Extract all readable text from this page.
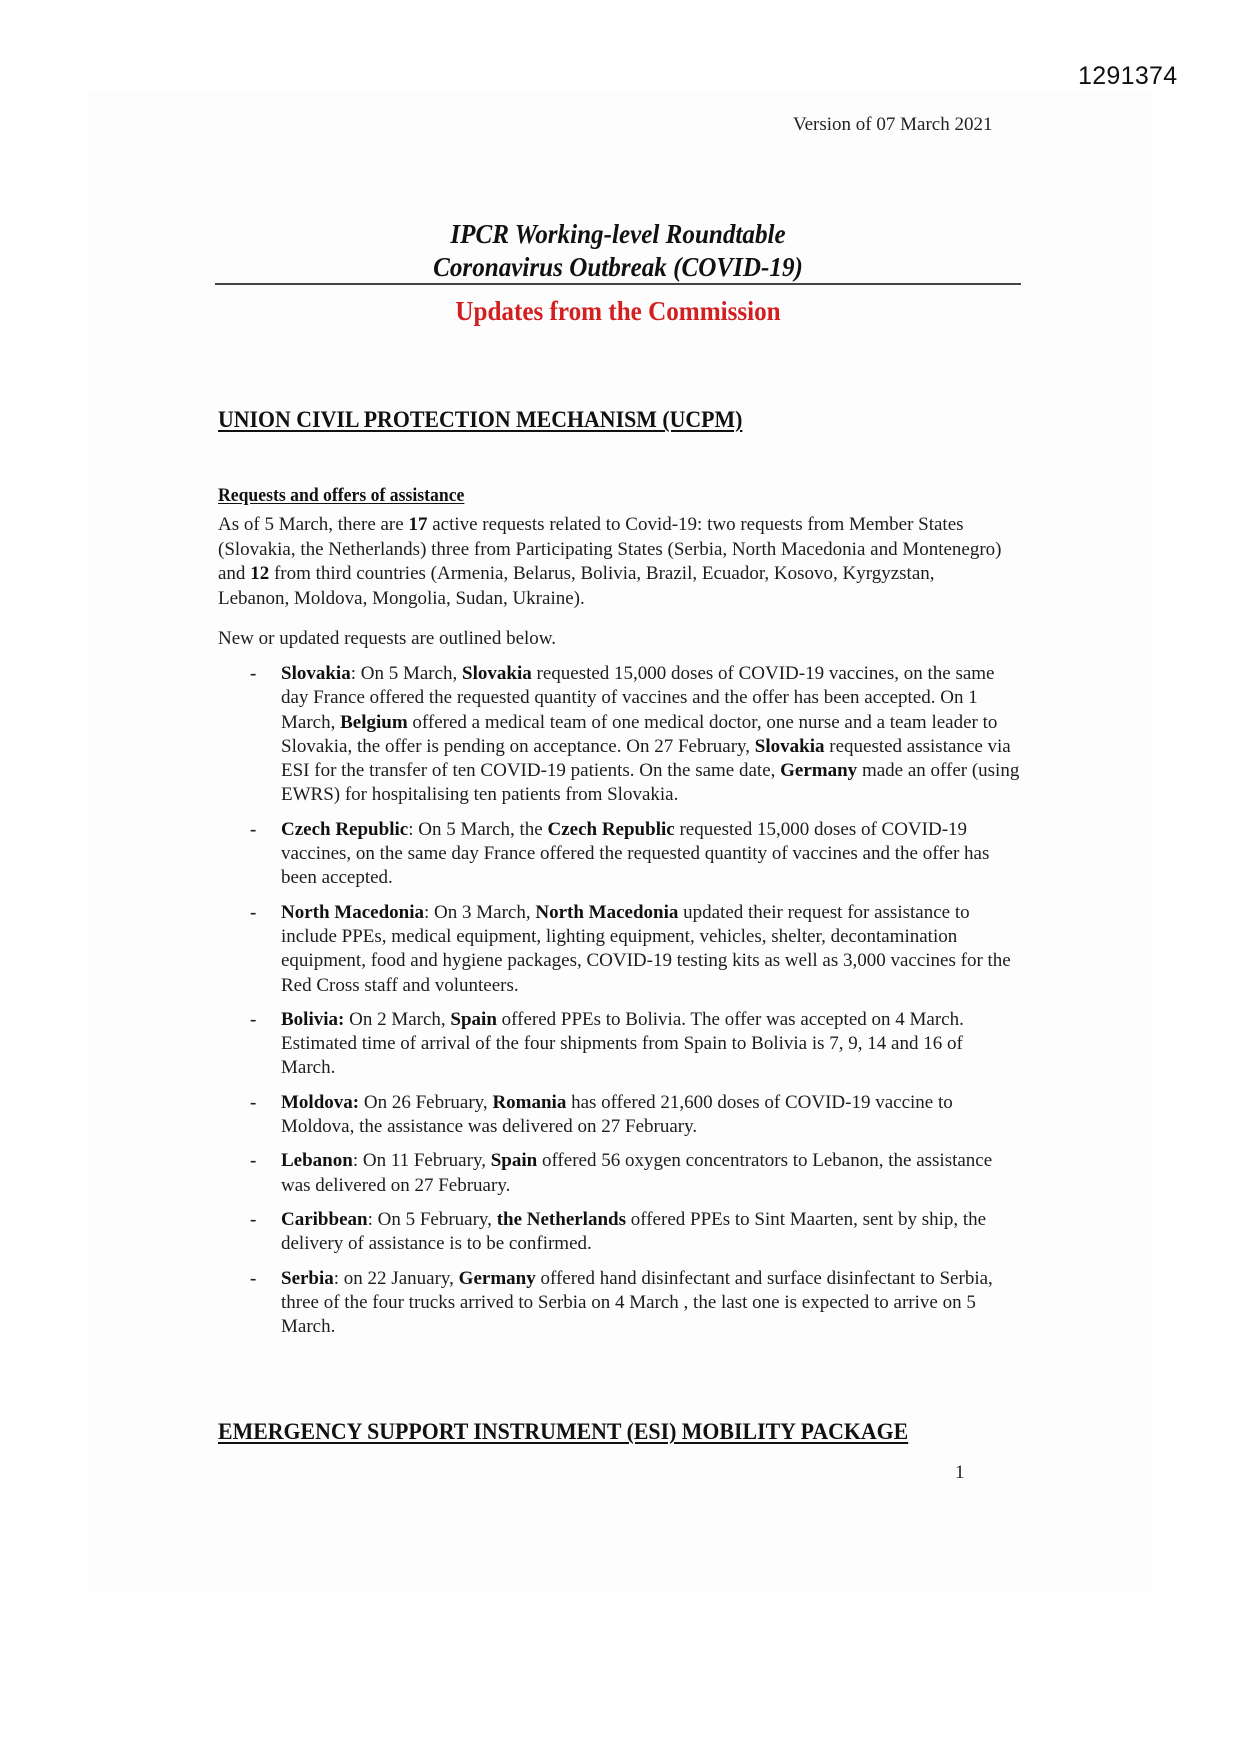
1291374
Version of 07 March 2021
IPCR Working-level Roundtable
Coronavirus Outbreak (COVID-19)
Updates from the Commission
UNION CIVIL PROTECTION MECHANISM (UCPM)
Requests and offers of assistance
As of 5 March, there are 17 active requests related to Covid-19: two requests from Member States (Slovakia, the Netherlands) three from Participating States (Serbia, North Macedonia and Montenegro) and 12 from third countries (Armenia, Belarus, Bolivia, Brazil, Ecuador, Kosovo, Kyrgyzstan, Lebanon, Moldova, Mongolia, Sudan, Ukraine).
New or updated requests are outlined below.
- Slovakia: On 5 March, Slovakia requested 15,000 doses of COVID-19 vaccines, on the same day France offered the requested quantity of vaccines and the offer has been accepted. On 1 March, Belgium offered a medical team of one medical doctor, one nurse and a team leader to Slovakia, the offer is pending on acceptance. On 27 February, Slovakia requested assistance via ESI for the transfer of ten COVID-19 patients. On the same date, Germany made an offer (using EWRS) for hospitalising ten patients from Slovakia.
- Czech Republic: On 5 March, the Czech Republic requested 15,000 doses of COVID-19 vaccines, on the same day France offered the requested quantity of vaccines and the offer has been accepted.
- North Macedonia: On 3 March, North Macedonia updated their request for assistance to include PPEs, medical equipment, lighting equipment, vehicles, shelter, decontamination equipment, food and hygiene packages, COVID-19 testing kits as well as 3,000 vaccines for the Red Cross staff and volunteers.
- Bolivia: On 2 March, Spain offered PPEs to Bolivia. The offer was accepted on 4 March. Estimated time of arrival of the four shipments from Spain to Bolivia is 7, 9, 14 and 16 of March.
- Moldova: On 26 February, Romania has offered 21,600 doses of COVID-19 vaccine to Moldova, the assistance was delivered on 27 February.
- Lebanon: On 11 February, Spain offered 56 oxygen concentrators to Lebanon, the assistance was delivered on 27 February.
- Caribbean: On 5 February, the Netherlands offered PPEs to Sint Maarten, sent by ship, the delivery of assistance is to be confirmed.
- Serbia: on 22 January, Germany offered hand disinfectant and surface disinfectant to Serbia, three of the four trucks arrived to Serbia on 4 March , the last one is expected to arrive on 5 March.
EMERGENCY SUPPORT INSTRUMENT (ESI) MOBILITY PACKAGE
1
